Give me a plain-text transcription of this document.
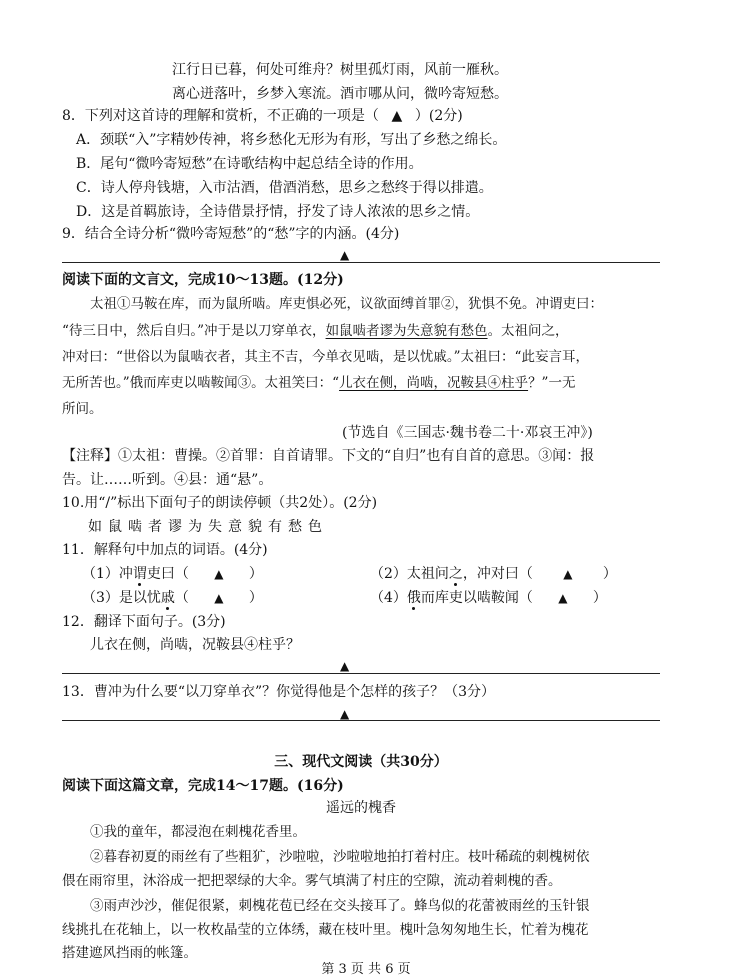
江行日已暮，何处可维舟？树里孤灯雨，风前一雁秋。
离心迸落叶，乡梦入寒流。酒市哪从问，微吟寄短愁。
8．下列对这首诗的理解和赏析，不正确的一项是（ ▲ ）(2分)
A．颈联“入”字精妙传神，将乡愁化无形为有形，写出了乡愁之绵长。
B．尾句“微吟寄短愁”在诗歌结构中起总结全诗的作用。
C．诗人停舟钱塘，入市沽酒，借酒消愁，思乡之愁终于得以排遣。
D．这是首羁旅诗，全诗借景抒情，抒发了诗人浓浓的思乡之情。
9．结合全诗分析“微吟寄短愁”的“愁”字的内涵。(4分)
▲
阅读下面的文言文，完成10～13题。(12分)
太祖①马鞍在库，而为鼠所啮。库吏惧必死，议欲面缚首罪②，犹惧不免。冲谓吏曰：
“待三日中，然后自归。”冲于是以刀穿单衣，如鼠啮者谬为失意貌有愁色。太祖问之，
冲对曰：“世俗以为鼠啮衣者，其主不吉，今单衣见啮，是以忧戚。”太祖曰：“此妄言耳，
无所苦也。”俄而库吏以啮鞍闻③。太祖笑曰：“儿衣在侧，尚啮，况鞍县④柱乎？”一无
所问。
(节选自《三国志·魏书卷二十·邓哀王冲》)
【注释】①太祖：曹操。②首罪：自首请罪。下文的“自归”也有自首的意思。③闻：报
告。让……听到。④县：通“悬”。
10.用“/”标出下面句子的朗读停顿（共2处）。(2分)
如鼠啮者谬为失意貌有愁色
11．解释句中加点的词语。(4分)
（1）冲谓吏曰（ ▲ ）	（2）太祖问之，冲对曰（	▲ ）
（3）是以忧戚（ ▲ ）	（4）俄而库吏以啮鞍闻（ ▲ ）
12．翻译下面句子。(3分)
儿衣在侧，尚啮，况鞍县④柱乎？
▲
13．曹冲为什么要“以刀穿单衣”？你觉得他是个怎样的孩子？（3分）
▲
三、现代文阅读（共30分）
阅读下面这篇文章，完成14～17题。(16分)
遥远的槐香
①我的童年，都浸泡在刺槐花香里。
②暮春初夏的雨丝有了些粗犷，沙啦啦，沙啦啦地拍打着村庄。枝叶稀疏的刺槐树依
偎在雨帘里，沐浴成一把把翠绿的大伞。雾气填满了村庄的空隙，流动着刺槐的香。
③雨声沙沙，催促很紧，刺槐花苞已经在交头接耳了。蜂鸟似的花蕾被雨丝的玉针银
线挑扎在花轴上，以一枚枚晶莹的立体绣，藏在枝叶里。槐叶急匆匆地生长，忙着为槐花
搭建遮风挡雨的帐篷。
第 3 页 共 6 页
